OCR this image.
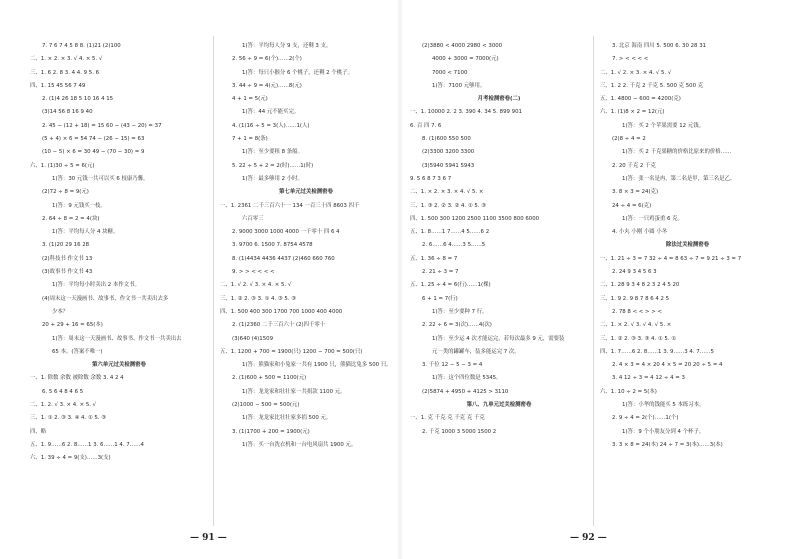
7. 7 6 7 4 5 8 8. (1)21 (2)100
二、1. × 2. × 3. √ 4. × 5. √
三、1. 6 2. 8 3. 4 4. 9 5. 6
四、1. 15 45 56 7 49
2. (1)4 26 18 5 10 16 4 15
(3)14 56 8 16 9 40
2. 45 − (12 + 18) = 15 60 − (43 − 20) = 37
(5 + 4) × 6 = 54 74 − (26 − 15) = 63
(10 − 5) × 6 = 30 49 − (70 − 30) = 9
六、1. (1)30 ÷ 5 = 6(元)
1)答：30 元钱一共可以买 6 枝康乃馨。
(2)72 ÷ 8 = 9(元)
1)答：9 元钱买一枝。
2. 64 ÷ 8 = 2 = 4(块)
1)答：平均每人分 4 块糖。
3. (1)20 29 16 28
(2)科技书 作文书 13
(3)故事书 作文书 43
1)答：平均每小时卖出 2 本作文书。
(4)周末这一天漫画书、故事书、作文书一共卖出去多
少本？
20 + 29 + 16 = 65(本)
1)答：周末这一天漫画书、故事书、作文书一共卖出去
65 本。(答案不唯一)
第六单元过关检测密卷
一、1. 除数 余数 被除数 余数 3. 4 2 4
6. 5 6 4 8 4 6 5
二、1. 2. √ 3. × 4. × 5. √
三、1. ① 2. ③ 3. ④ 4. ① 5. ③
四、略
五、1. 9……6 2. 8……1 3. 6……1 4. 7……4
六、1. 39 ÷ 4 = 9(支)……3(支)
1)答：平均每人分 9 支，还剩 3 支。
2. 56 ÷ 9 = 6(个)……2(个)
1)答：每只小猴分 6 个桃子，还剩 2 个桃子。
3. 44 ÷ 9 = 4(元)……8(元)
4 + 1 = 5(元)
1)答：44 元不能买完。
4. (1)16 ÷ 5 = 3(人)……1(人)
7 + 1 = 8(条)
1)答：至少要租 8 条船。
5. 22 ÷ 5 + 2 = 2(时)……1(时)
1)答：最多够用 2 小时。
第七单元过关检测密卷
一、1. 2361 二千三百六十一 134 一百三十四 8603 四千
六百零三
2. 9000 3000 1000 4000 一千零十 四 6 4
3. 9700 6. 1500 7. 8754 4578
8. (1)4434 4436 4437 (2)460 660 760
9. > > < < < <
二、1. √ 2. √ 3. × 4. × 5. √
三、1. ② 2. ③ 3. ① 4. ③ 5. ③
四、1. 500 400 300 1700 700 1000 400 4000
2. (1)2360 二千三百六十 (2)四千零十
(3)640 (4)1509
五、1. 1200 + 700 = 1900(只) 1200 − 700 = 500(只)
1)答：熊猫家和小兔家一共有 1900 只，熊猫比兔多 500 只。
2. (1)600 + 500 = 1100(元)
1)答：龙龙家和壮壮家一共捐款 1100 元。
(2)1000 − 500 = 500(元)
1)答：龙龙家比壮壮家多捐 500 元。
3. (1)1700 + 200 = 1900(元)
1)答：买一台洗衣机和一台电风扇共 1900 元。
(2)3880 < 4000 2980 < 3000
4000 + 3000 = 7000(元)
7000 < 7100
1)答：7100 元够用。
月考检测密卷(二)
一、1. 10000 2. 2 3. 390 4. 34 5. 899 901
6. 百 四 7. 6
8. (1)600 550 500
(2)3300 3200 3300
(3)5940 5941 5943
9. 5 6 8 7 3 6 7
二、1. × 2. × 3. × 4. √ 5. ×
三、1. ③ 2. ② 3. ② 4. ① 5. ③
四、1. 500 300 1200 2500 1100 3500 800 6000
五、1. 8……1 7……4 5……6 2
2. 6……6 4……3 5……5
五、1. 36 ÷ 8 = 7
2. 21 ÷ 3 = 7
五、1. 25 ÷ 4 = 6(行)……1(棵)
6 + 1 = 7(行)
1)答：至少要种 7 行。
2. 22 ÷ 6 = 3(次)……4(次)
1)答：至少运 4 次才能运完，若每次最多 9 元，需要装
元一类的罐罐车，装多能运完 7 次。
3. 千位 12 − 5 − 3 = 4
1)答：这个四位数是 5345。
(2)5874 + 4950 + 4125 > 3110
第八、九单元过关检测密卷
一、1. 克 千克 克 千克 克 千克
2. 千克 1000 3 5000 1500 2
3. 北京 海南 四川 5. 500 6. 30 28 31
7. > < < < <
二、1. √ 2. × 3. × 4. √ 5. √
三、1. 2 2. 千克 2 千克 5. 500 克 500 克
五、1. 4800 − 600 = 4200(克)
六、1. (1)8 × 2 = 12(元)
1)答：买 2 个苹果需要 12 元钱。
(2)8 ÷ 4 = 2
1)答：买 2 千克果糖的价格比原来的价格……
2. 20 千克 2 千克
1)答：张一名是冉，第二名是甲，第三名是乙。
3. 8 × 3 = 24(克)
24 ÷ 4 = 6(克)
1)答：一只鸡蛋重 6 克。
4. 小丸 小刚 小圆 小冬
除法过关检测密卷
一、1. 21 ÷ 3 = 7 32 ÷ 4 = 8 63 ÷ 7 = 9 21 ÷ 3 = 7
2. 24 9 3 4 5 6 3
二、1. 28 9 3 4 8 2 3 2 4 5 20
三、1. 9 2. 9 8 7 8 6 4 2 5
2. 78 8 < < > > <
二、1. × 2. √ 3. √ 4. √ 5. ×
三、1. ② 2. ③ 3. ③ 4. ① 5. ①
四、1. 7……6 2. 8……1 3. 9……3 4. 7……5
2. 4 × 3 = 4 × 20 4 × 5 = 20 20 ÷ 5 = 4
3. 4 12 ÷ 3 = 4 12 ÷ 4 = 3
六、1. 10 ÷ 2 = 5(本)
1)答：小华的钱能买 5 本练习本。
2. 9 ÷ 4 = 2(个)……1(个)
1)答：9 个小朋友分到 4 个杯子。
3. 3 × 8 = 24(本) 24 ÷ 7 = 3(本)……3(本)
— 91 —	— 92 —
